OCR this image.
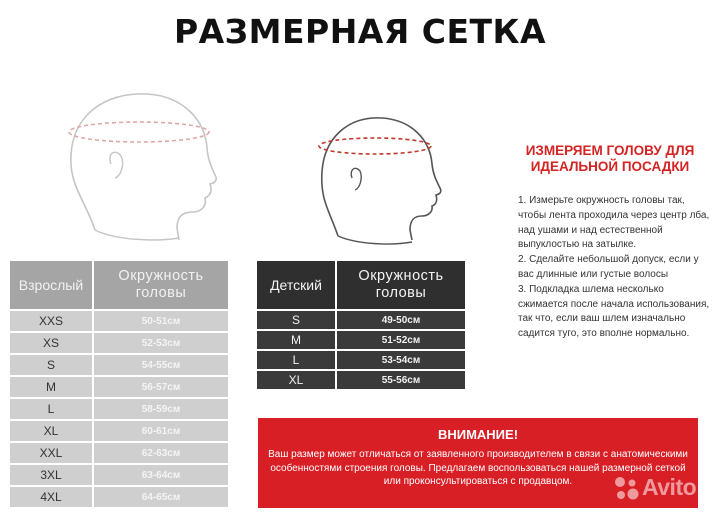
РАЗМЕРНАЯ СЕТКА
Взрослый	Окружность головы
XXS	50-51см
XS	52-53см
S	54-55см
M	56-57см
L	58-59см
XL	60-61см
XXL	62-63см
3XL	63-64см
4XL	64-65см
Детский	Окружность головы
S	49-50см
M	51-52см
L	53-54см
XL	55-56см
ИЗМЕРЯЕМ ГОЛОВУ ДЛЯ ИДЕАЛЬНОЙ ПОСАДКИ

1. Измерьте окружность головы так, чтобы лента проходила через центр лба, над ушами и над естественной выпуклостью на затылке.

2. Сделайте небольшой допуск, если у вас длинные или густые волосы

3. Подкладка шлема несколько сжимается после начала использования, так что, если ваш шлем изначально садится туго, это вполне нормально.

ВНИМАНИЕ!
Ваш размер может отличаться от заявленного производителем в связи с анатомическими особенностями строения головы. Предлагаем воспользоваться нашей размерной сеткой или проконсультироваться с продавцом.	Avito
